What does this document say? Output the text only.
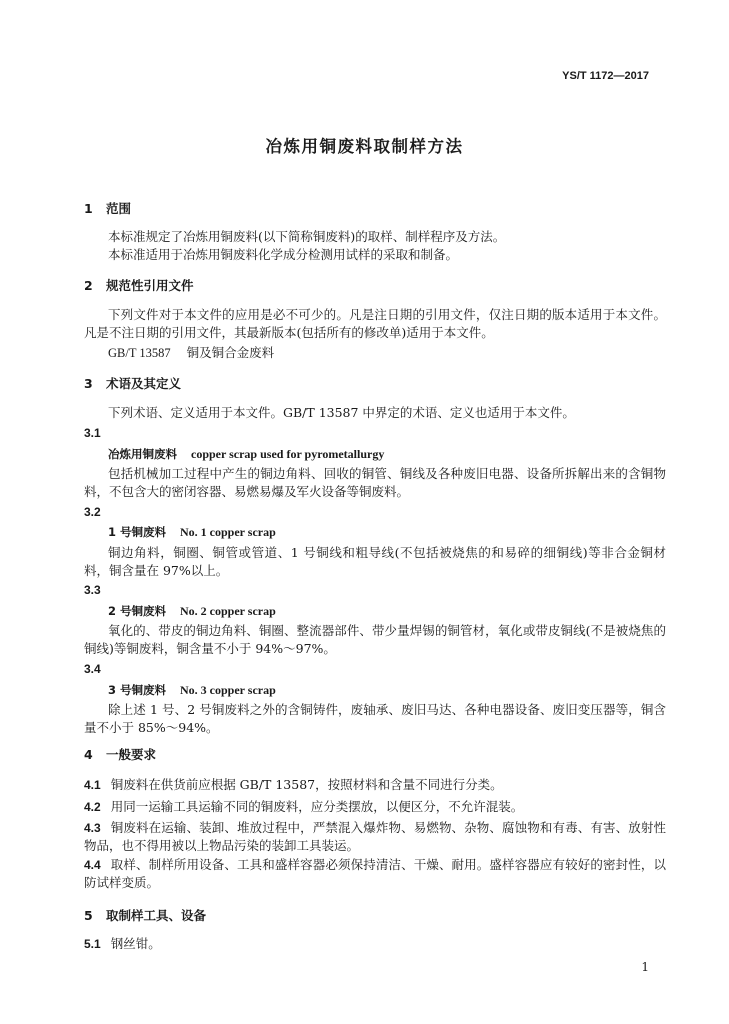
YS/T 1172—2017
冶炼用铜废料取制样方法
1 范围
本标准规定了冶炼用铜废料(以下简称铜废料)的取样、制样程序及方法。
本标准适用于冶炼用铜废料化学成分检测用试样的采取和制备。
2 规范性引用文件
下列文件对于本文件的应用是必不可少的。凡是注日期的引用文件，仅注日期的版本适用于本文件。凡是不注日期的引用文件，其最新版本(包括所有的修改单)适用于本文件。
GB/T 13587 铜及铜合金废料
3 术语及其定义
下列术语、定义适用于本文件。GB/T 13587 中界定的术语、定义也适用于本文件。
3.1
冶炼用铜废料 copper scrap used for pyrometallurgy
包括机械加工过程中产生的铜边角料、回收的铜管、铜线及各种废旧电器、设备所拆解出来的含铜物料，不包含大的密闭容器、易燃易爆及军火设备等铜废料。
3.2
1 号铜废料 No. 1 copper scrap
铜边角料，铜圈、铜管或管道、1 号铜线和粗导线(不包括被烧焦的和易碎的细铜线)等非合金铜材料，铜含量在 97%以上。
3.3
2 号铜废料 No. 2 copper scrap
氧化的、带皮的铜边角料、铜圈、整流器部件、带少量焊锡的铜管材，氧化或带皮铜线(不是被烧焦的铜线)等铜废料，铜含量不小于 94%～97%。
3.4
3 号铜废料 No. 3 copper scrap
除上述 1 号、2 号铜废料之外的含铜铸件，废轴承、废旧马达、各种电器设备、废旧变压器等，铜含量不小于 85%～94%。
4 一般要求
4.1 铜废料在供货前应根据 GB/T 13587，按照材料和含量不同进行分类。
4.2 用同一运输工具运输不同的铜废料，应分类摆放，以便区分，不允许混装。
4.3 铜废料在运输、装卸、堆放过程中，严禁混入爆炸物、易燃物、杂物、腐蚀物和有毒、有害、放射性物品，也不得用被以上物品污染的装卸工具装运。
4.4 取样、制样所用设备、工具和盛样容器必须保持清洁、干燥、耐用。盛样容器应有较好的密封性，以防试样变质。
5 取制样工具、设备
5.1 钢丝钳。
1
